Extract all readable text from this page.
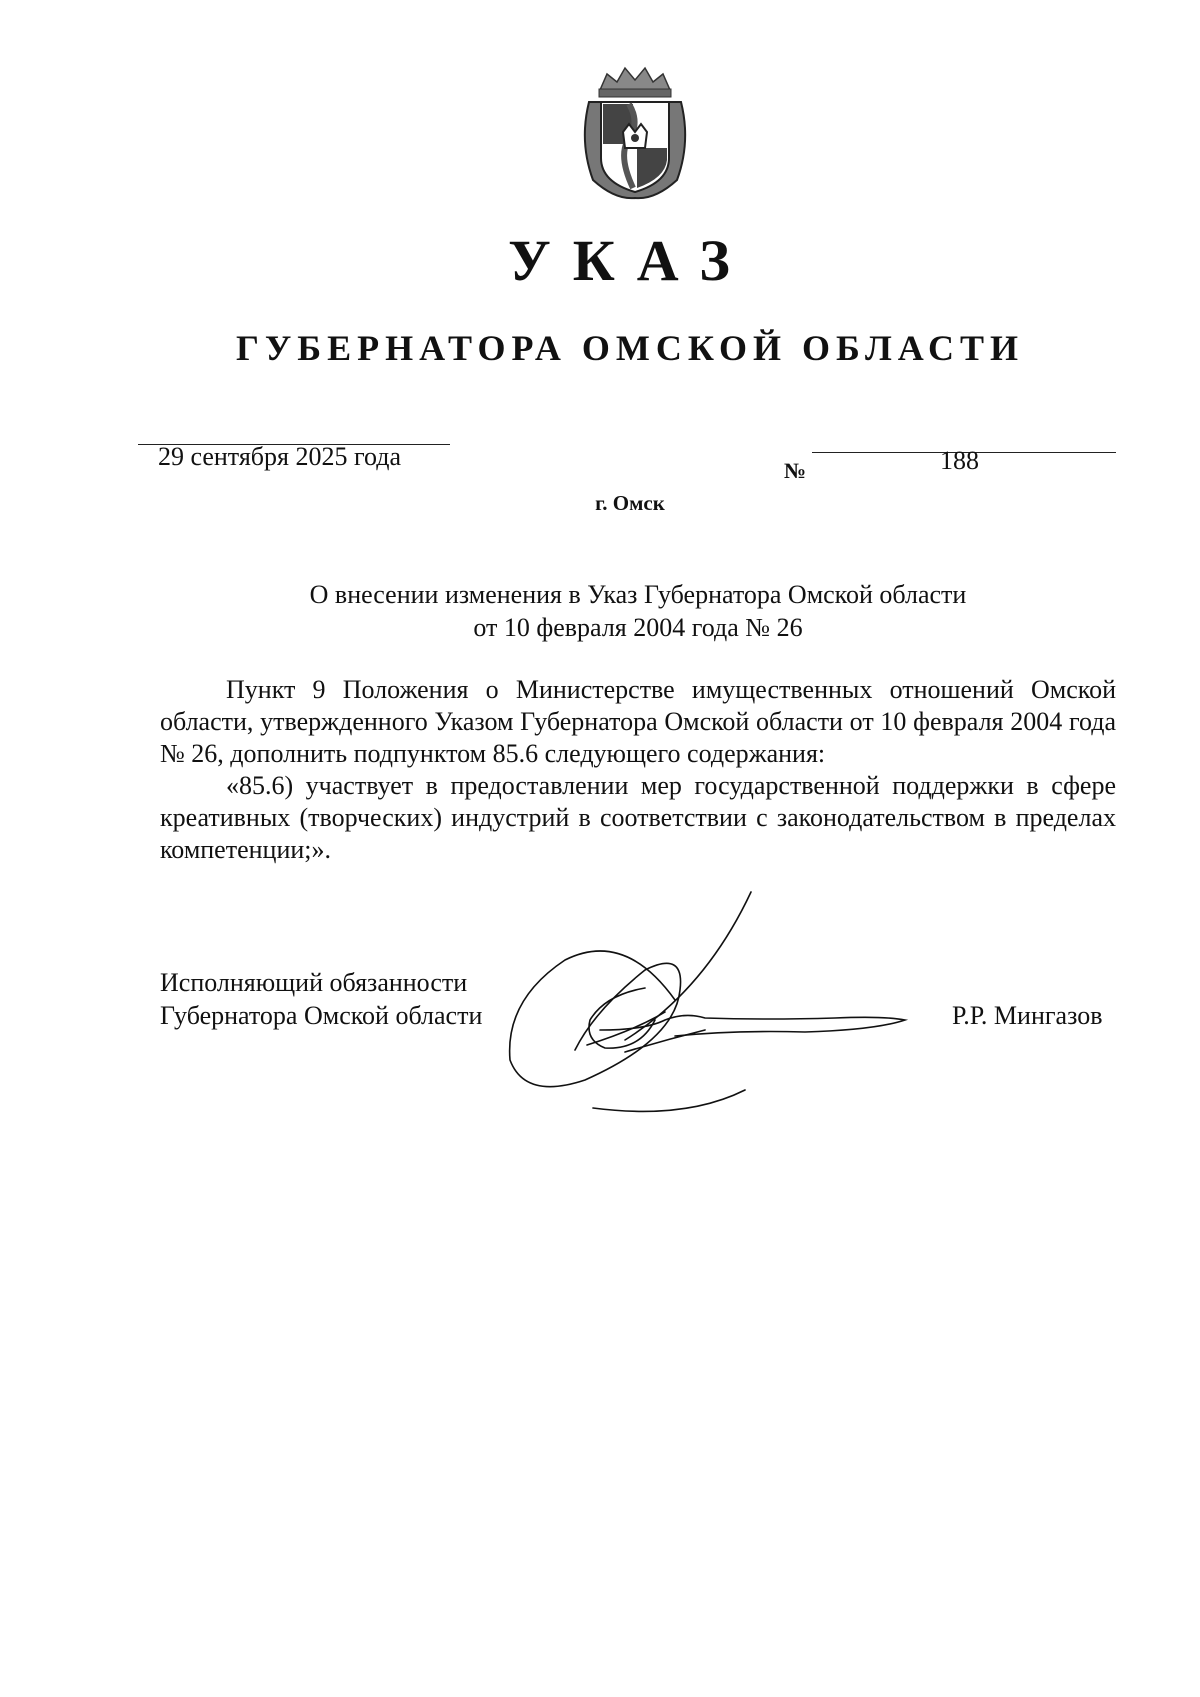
УКАЗ
ГУБЕРНАТОРА ОМСКОЙ ОБЛАСТИ
29 сентября 2025 года	№	188
г. Омск
О внесении изменения в Указ Губернатора Омской области
от 10 февраля 2004 года № 26

Пункт 9 Положения о Министерстве имущественных отношений Омской области, утвержденного Указом Губернатора Омской области от 10 февраля 2004 года № 26, дополнить подпунктом 85.6 следующего содержания:

«85.6) участвует в предоставлении мер государственной поддержки в сфере креативных (творческих) индустрий в соответствии с законодательством в пределах компетенции;».

Исполняющий обязанности
Губернатора Омской области	Р.Р. Мингазов
